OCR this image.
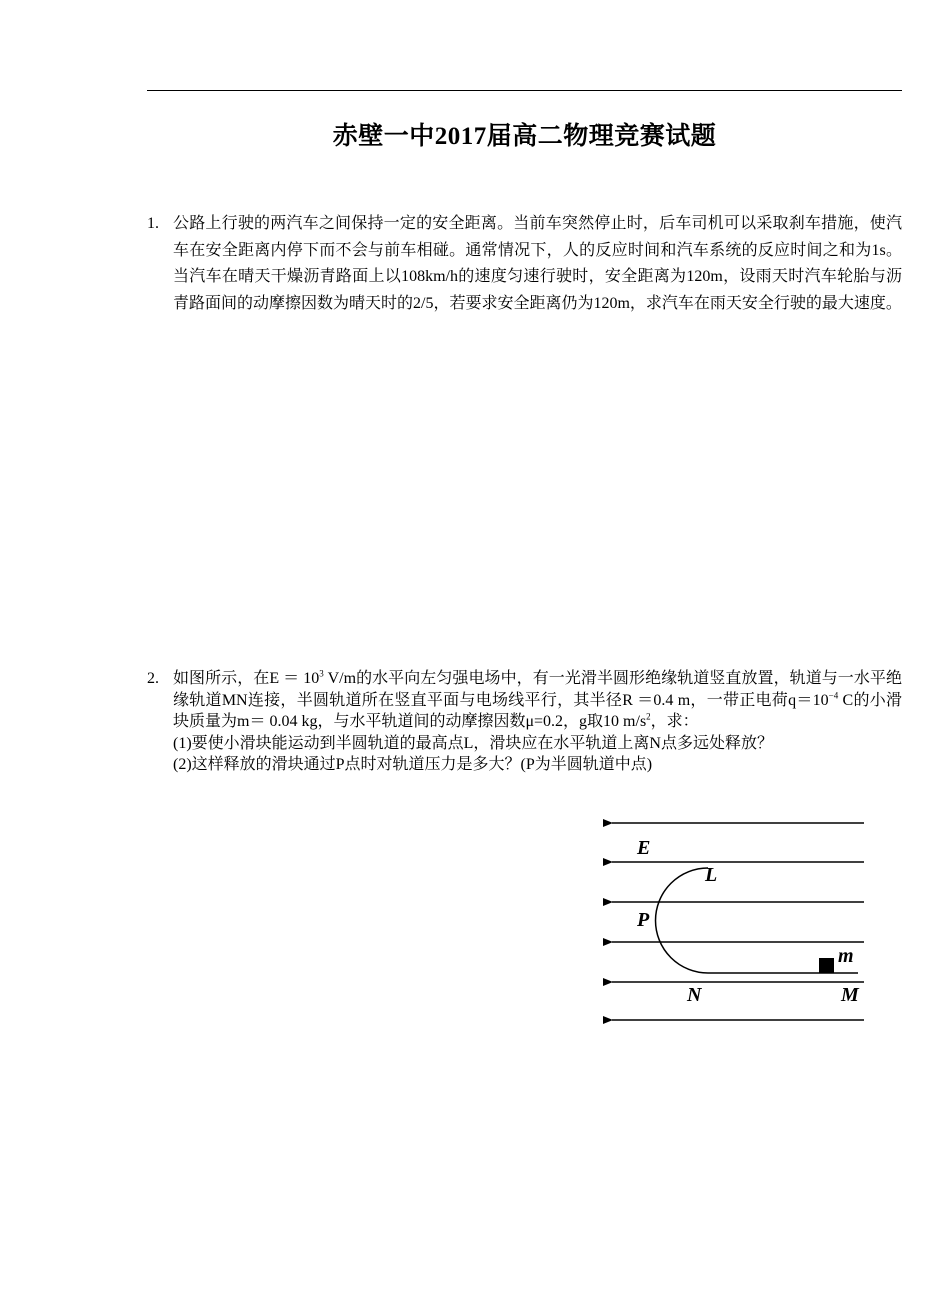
赤壁一中2017届高二物理竞赛试题
1. 公路上行驶的两汽车之间保持一定的安全距离。当前车突然停止时，后车司机可以采取刹车措施，使汽车在安全距离内停下而不会与前车相碰。通常情况下，人的反应时间和汽车系统的反应时间之和为1s。当汽车在晴天干燥沥青路面上以108km/h的速度匀速行驶时，安全距离为120m，设雨天时汽车轮胎与沥青路面间的动摩擦因数为晴天时的2/5，若要求安全距离仍为120m，求汽车在雨天安全行驶的最大速度。
2. 如图所示，在$E = 10^3$ V/m的水平向左匀强电场中，有一光滑半圆形绝缘轨道竖直放置，轨道与一水平绝缘轨道MN连接，半圆轨道所在竖直平面与电场线平行，其半径R ＝0.4 m，一带正电荷$q=10^{-4}$ C的小滑块质量为m＝ 0.04 kg，与水平轨道间的动摩擦因数μ=0.2，g取10 $m/s^2$，求：
(1)要使小滑块能运动到半圆轨道的最高点L，滑块应在水平轨道上离N点多远处释放？
(2)这样释放的滑块通过P点时对轨道压力是多大？(P为半圆轨道中点)
E
L
P
m
N	M
